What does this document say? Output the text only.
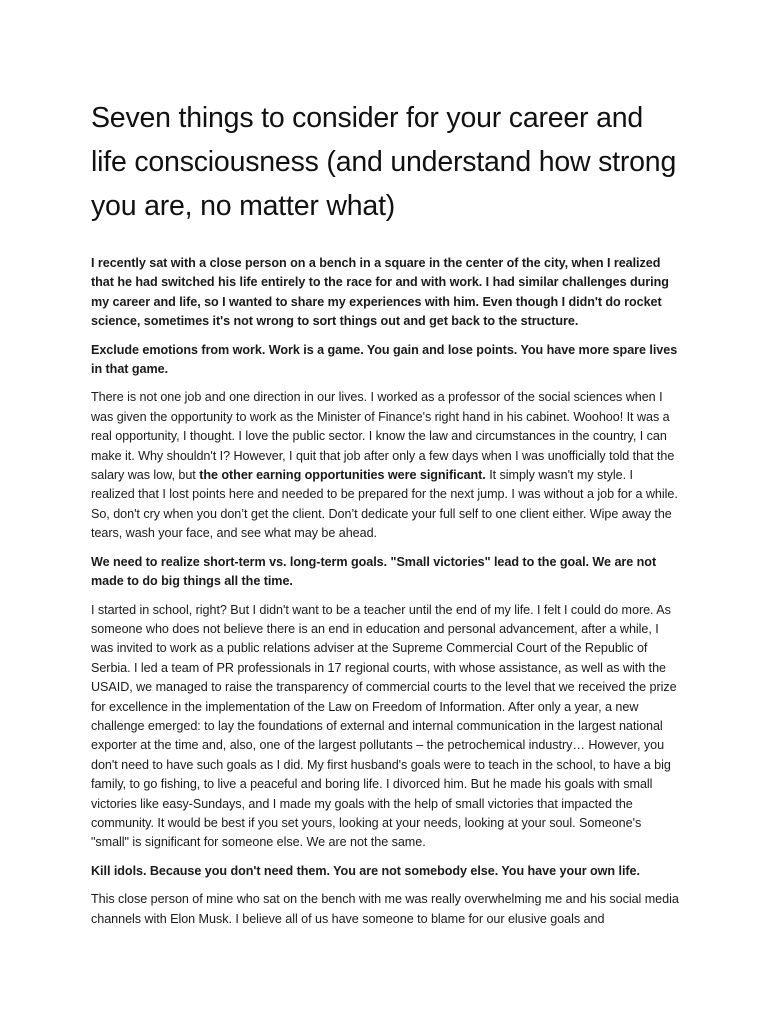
Seven things to consider for your career and life consciousness (and understand how strong you are, no matter what)

I recently sat with a close person on a bench in a square in the center of the city, when I realized that he had switched his life entirely to the race for and with work. I had similar challenges during my career and life, so I wanted to share my experiences with him. Even though I didn't do rocket science, sometimes it's not wrong to sort things out and get back to the structure.

Exclude emotions from work. Work is a game. You gain and lose points. You have more spare lives in that game.

There is not one job and one direction in our lives. I worked as a professor of the social sciences when I was given the opportunity to work as the Minister of Finance's right hand in his cabinet. Woohoo! It was a real opportunity, I thought. I love the public sector. I know the law and circumstances in the country, I can make it. Why shouldn't I? However, I quit that job after only a few days when I was unofficially told that the salary was low, but the other earning opportunities were significant. It simply wasn't my style. I realized that I lost points here and needed to be prepared for the next jump. I was without a job for a while. So, don't cry when you don’t get the client. Don’t dedicate your full self to one client either. Wipe away the tears, wash your face, and see what may be ahead.

We need to realize short-term vs. long-term goals. "Small victories" lead to the goal. We are not made to do big things all the time.

I started in school, right? But I didn't want to be a teacher until the end of my life. I felt I could do more. As someone who does not believe there is an end in education and personal advancement, after a while, I was invited to work as a public relations adviser at the Supreme Commercial Court of the Republic of Serbia. I led a team of PR professionals in 17 regional courts, with whose assistance, as well as with the USAID, we managed to raise the transparency of commercial courts to the level that we received the prize for excellence in the implementation of the Law on Freedom of Information. After only a year, a new challenge emerged: to lay the foundations of external and internal communication in the largest national exporter at the time and, also, one of the largest pollutants – the petrochemical industry… However, you don't need to have such goals as I did. My first husband's goals were to teach in the school, to have a big family, to go fishing, to live a peaceful and boring life. I divorced him. But he made his goals with small victories like easy-Sundays, and I made my goals with the help of small victories that impacted the community. It would be best if you set yours, looking at your needs, looking at your soul. Someone's "small" is significant for someone else. We are not the same.

Kill idols. Because you don't need them. You are not somebody else. You have your own life.

This close person of mine who sat on the bench with me was really overwhelming me and his social media channels with Elon Musk. I believe all of us have someone to blame for our elusive goals and
